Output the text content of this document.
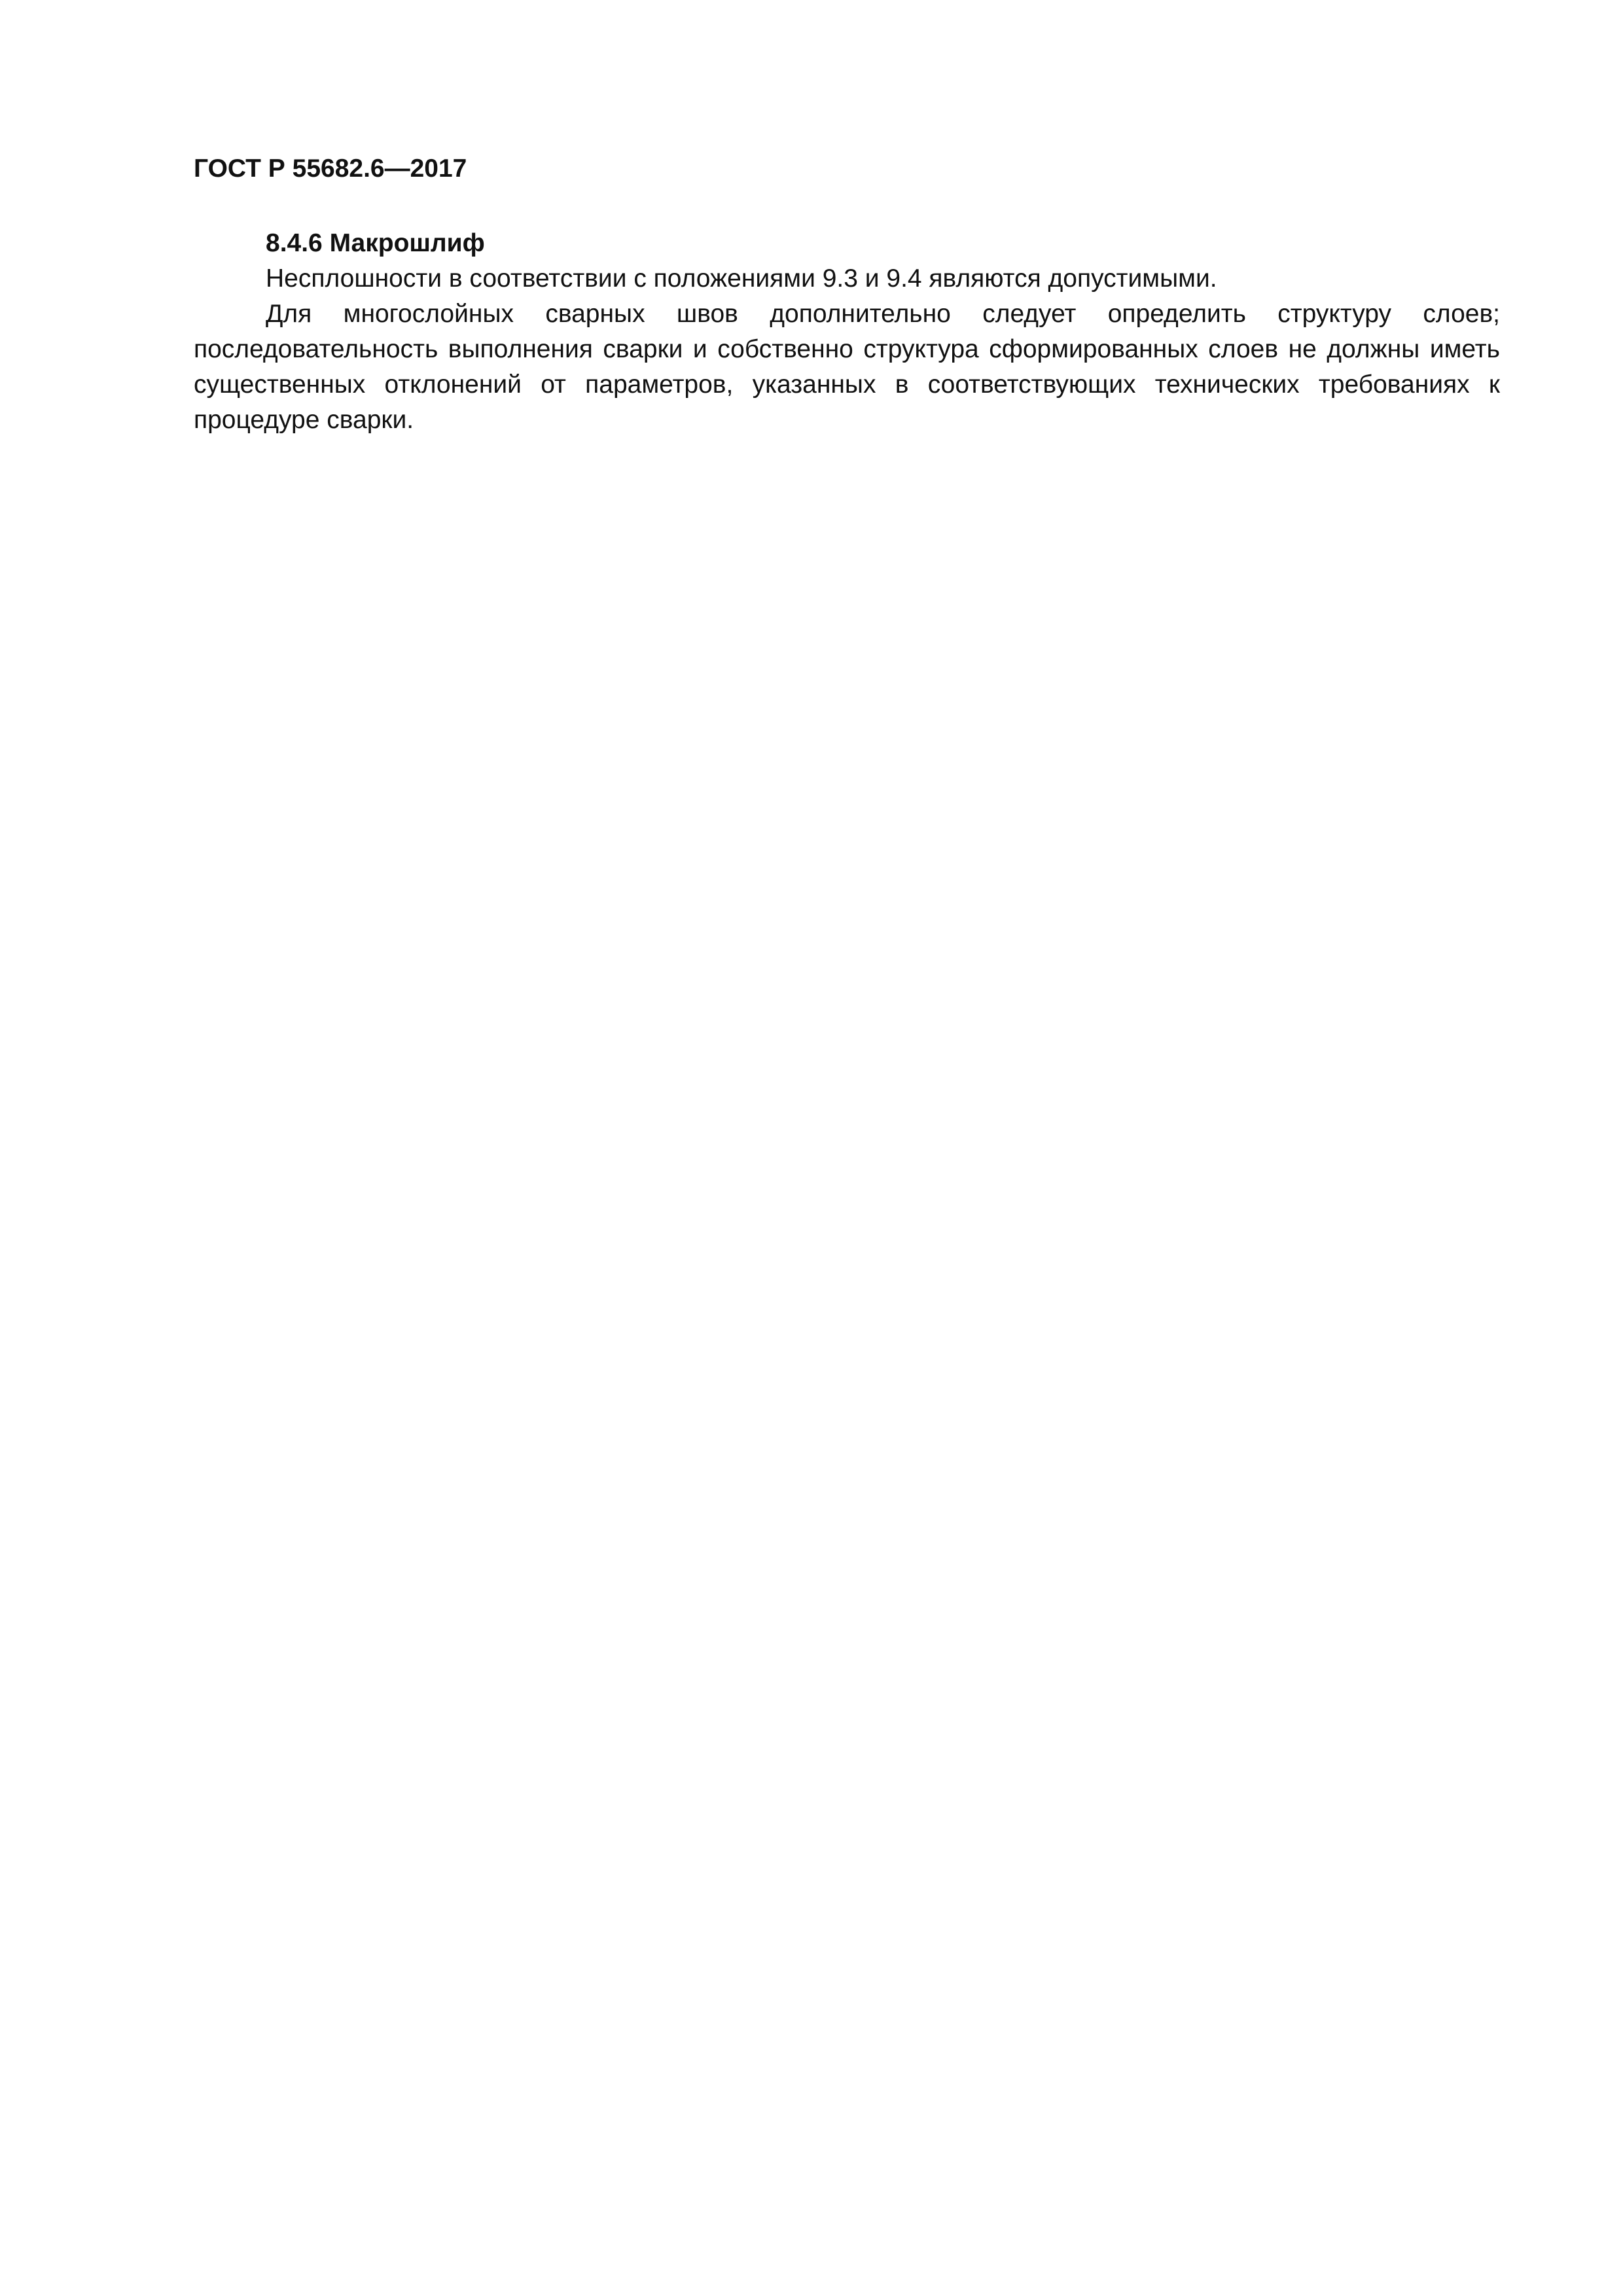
ГОСТ Р 55682.6—2017
8.4.6 Макрошлиф

Несплошности в соответствии с положениями 9.3 и 9.4 являются допустимыми.

Для многослойных сварных швов дополнительно следует определить структуру слоев; последовательность выполнения сварки и собственно структура сформированных слоев не должны иметь существенных отклонений от параметров, указанных в соответствующих технических требованиях к процедуре сварки.
